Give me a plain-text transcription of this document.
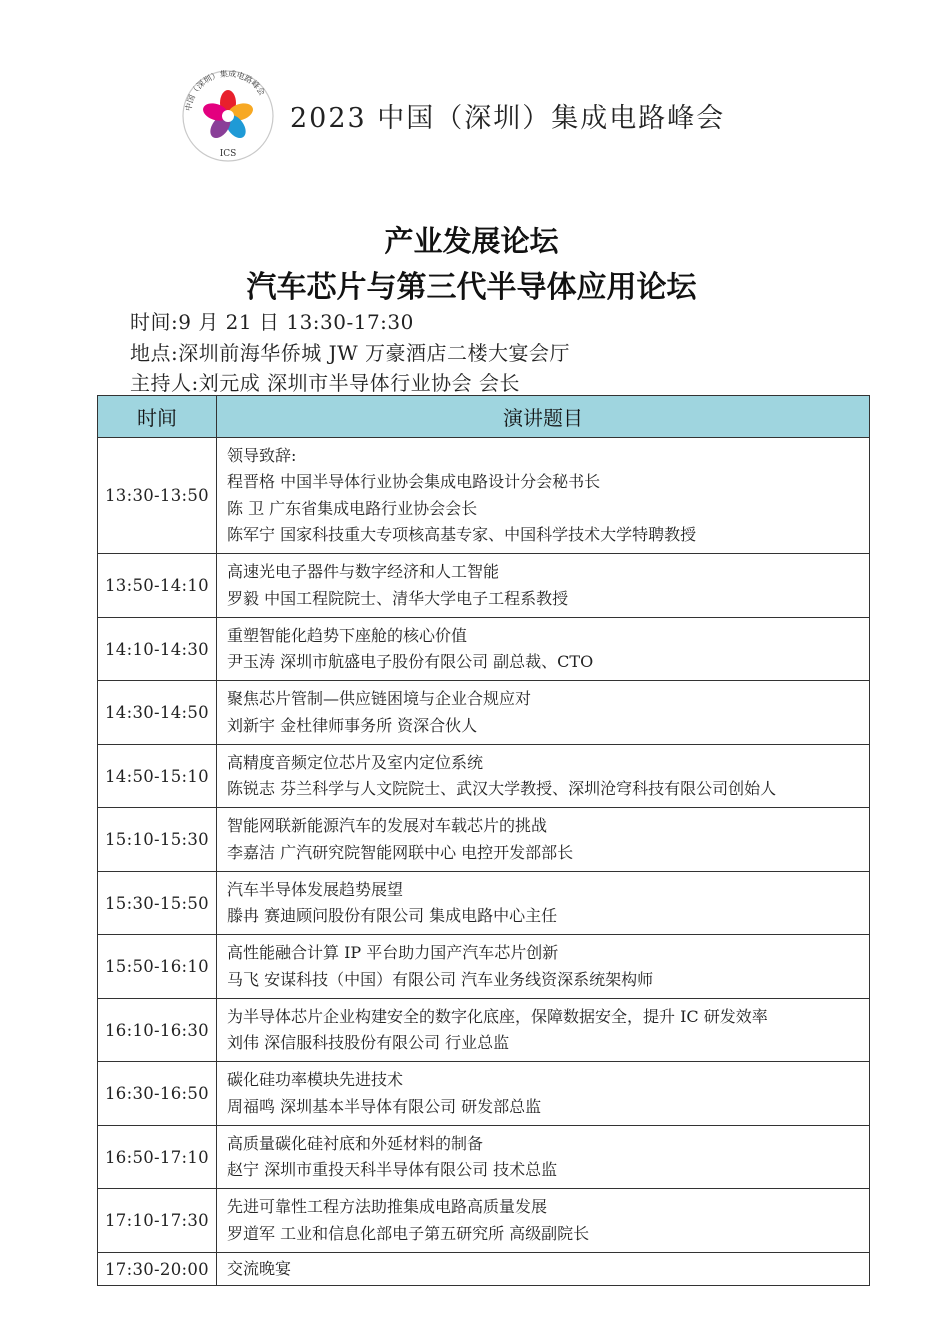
中国（深圳）集成电路峰会
ICS
2023 中国（深圳）集成电路峰会
产业发展论坛
汽车芯片与第三代半导体应用论坛
时间:9 月 21 日 13:30-17:30
地点:深圳前海华侨城 JW 万豪酒店二楼大宴会厅
主持人:刘元成 深圳市半导体行业协会 会长
时间	演讲题目
13:30-13:50	领导致辞:
程晋格 中国半导体行业协会集成电路设计分会秘书长
陈 卫 广东省集成电路行业协会会长
陈军宁 国家科技重大专项核高基专家、中国科学技术大学特聘教授

13:50-14:10	高速光电子器件与数字经济和人工智能
罗毅 中国工程院院士、清华大学电子工程系教授

14:10-14:30	重塑智能化趋势下座舱的核心价值
尹玉涛 深圳市航盛电子股份有限公司 副总裁、CTO

14:30-14:50	聚焦芯片管制—供应链困境与企业合规应对
刘新宇 金杜律师事务所 资深合伙人

14:50-15:10	高精度音频定位芯片及室内定位系统
陈锐志 芬兰科学与人文院院士、武汉大学教授、深圳沧穹科技有限公司创始人

15:10-15:30	智能网联新能源汽车的发展对车载芯片的挑战
李嘉洁 广汽研究院智能网联中心 电控开发部部长

15:30-15:50	汽车半导体发展趋势展望
滕冉 赛迪顾问股份有限公司 集成电路中心主任

15:50-16:10	高性能融合计算 IP 平台助力国产汽车芯片创新
马飞 安谋科技（中国）有限公司 汽车业务线资深系统架构师

16:10-16:30	为半导体芯片企业构建安全的数字化底座，保障数据安全，提升 IC 研发效率
刘伟 深信服科技股份有限公司 行业总监

16:30-16:50	碳化硅功率模块先进技术
周福鸣 深圳基本半导体有限公司 研发部总监

16:50-17:10	高质量碳化硅衬底和外延材料的制备
赵宁 深圳市重投天科半导体有限公司 技术总监

17:10-17:30	先进可靠性工程方法助推集成电路高质量发展
罗道军 工业和信息化部电子第五研究所 高级副院长

17:30-20:00	交流晚宴
